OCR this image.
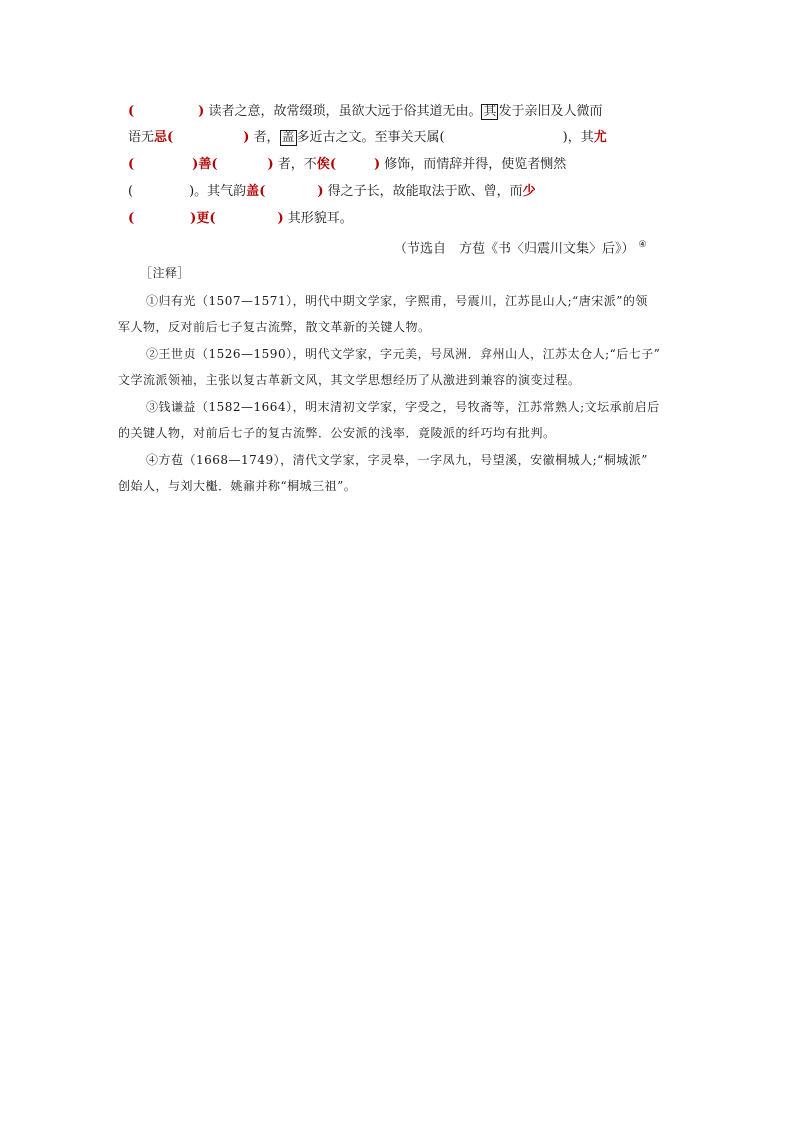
(	) 读者之意，故常缀琐，虽欲大远于俗其道无由。 其 发于亲旧及人微而
语无忌(	) 者， 盖 多近古之文。至事关天属(	)，其尤
(	)善(	) 者，不俟(	) 修饰，而情辞并得，使览者恻然
(	)。其气韵盖(	) 得之子长，故能取法于欧、曾，而少
(	)更(	) 其形貌耳。
（节选自　方苞《书〈归震川文集〉后》） ④
［注释］
①归有光（1507—1571），明代中期文学家，字熙甫，号震川，江苏昆山人;“唐宋派”的领
军人物，反对前后七子复古流弊，散文革新的关键人物。
②王世贞（1526—1590），明代文学家，字元美，号凤洲．弇州山人，江苏太仓人;“后七子”
文学流派领袖，主张以复古革新文风，其文学思想经历了从激进到兼容的演变过程。
③钱谦益（1582—1664），明末清初文学家，字受之，号牧斋等，江苏常熟人;文坛承前启后
的关键人物，对前后七子的复古流弊．公安派的浅率．竟陵派的纤巧均有批判。
④方苞（1668—1749），清代文学家，字灵皋，一字凤九，号望溪，安徽桐城人;“桐城派”
创始人，与刘大櫆．姚鼐并称“桐城三祖”。
